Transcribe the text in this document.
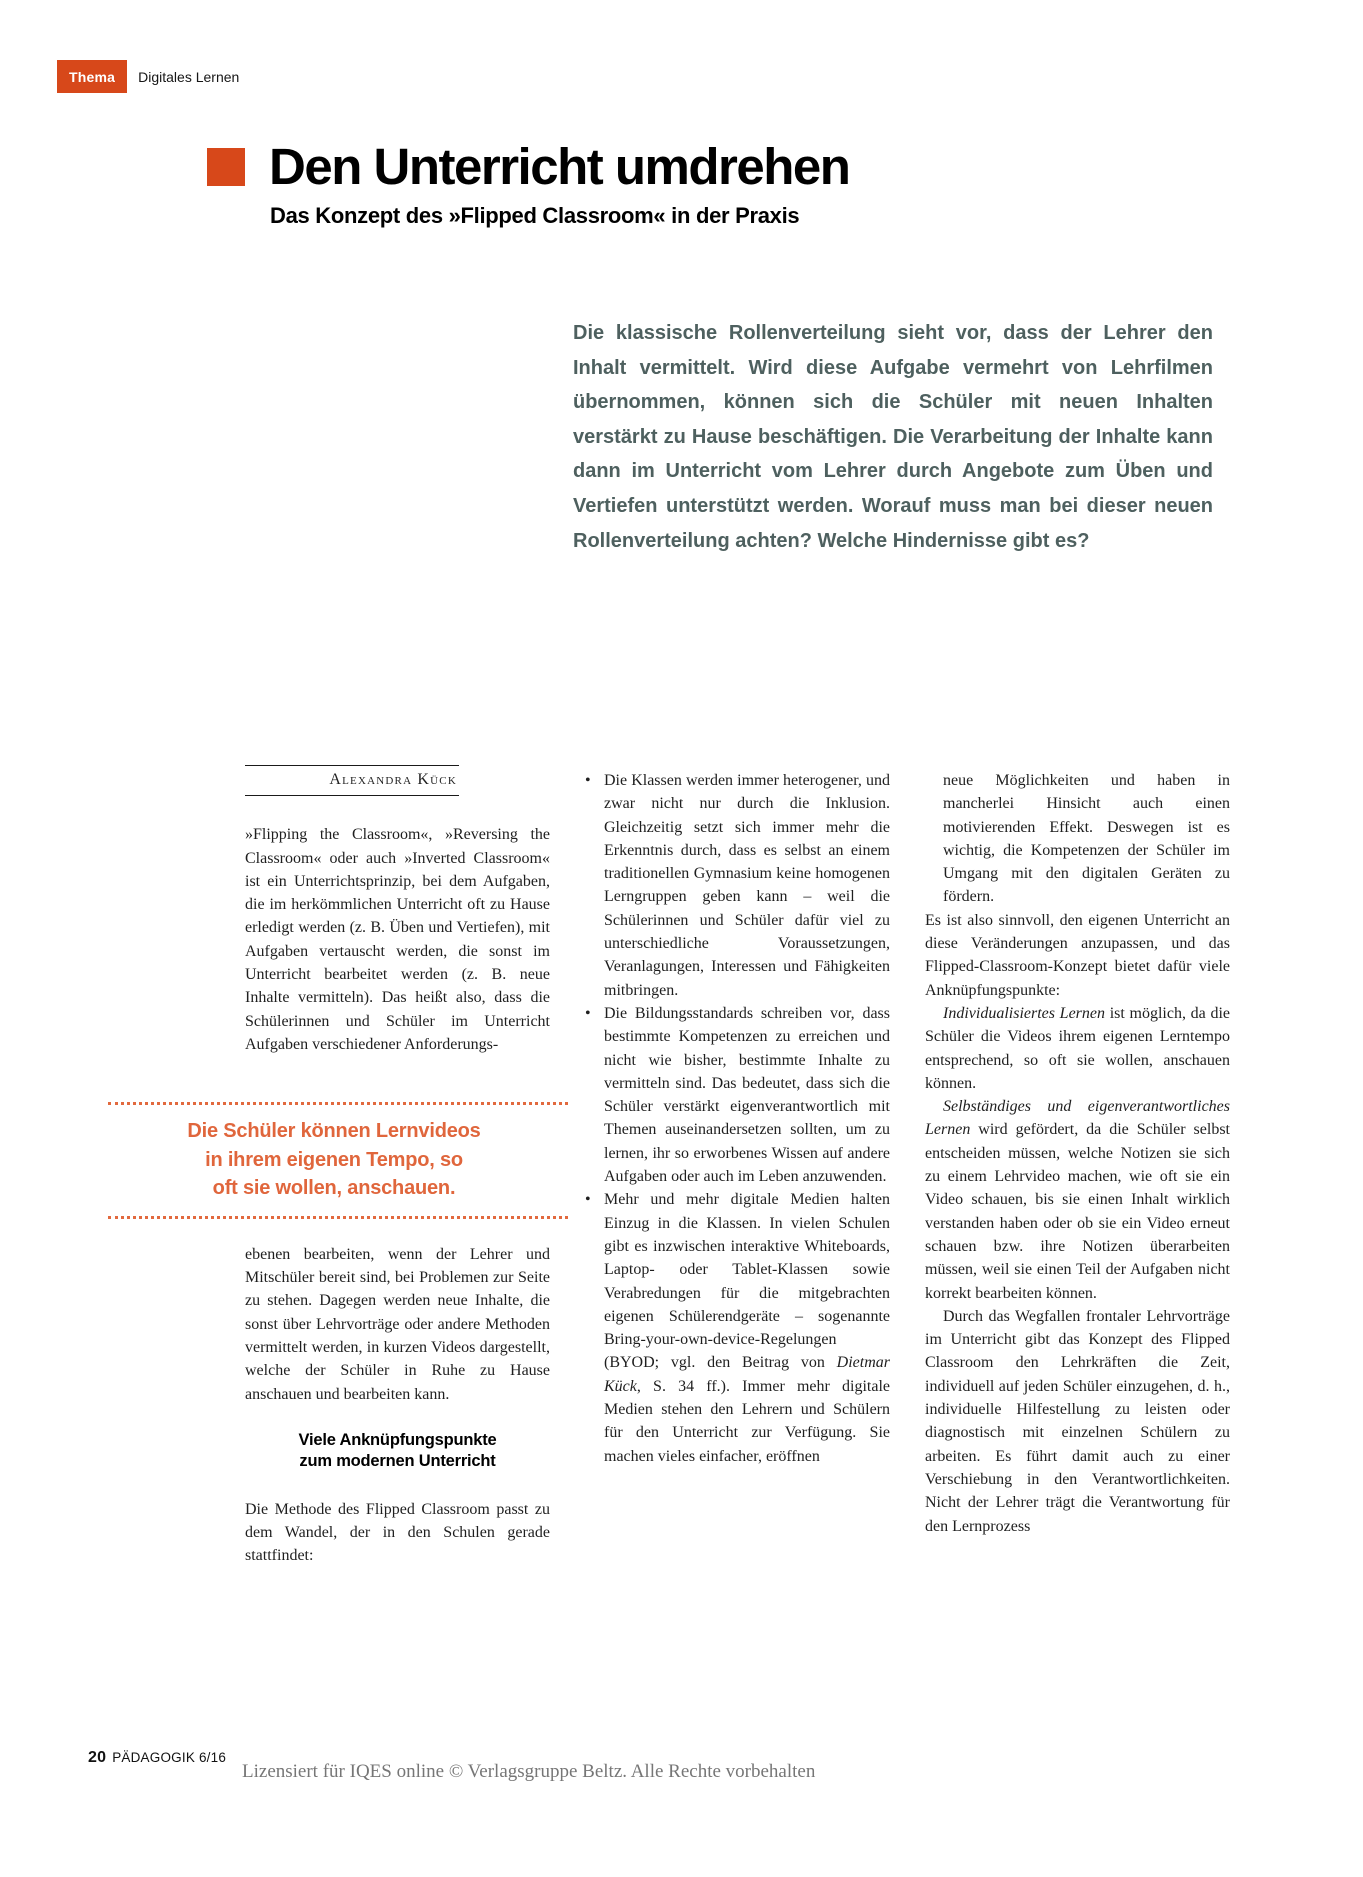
Thema	Digitales Lernen
Den Unterricht umdrehen
Das Konzept des »Flipped Classroom« in der Praxis

Die klassische Rollenverteilung sieht vor, dass der Lehrer den Inhalt vermittelt. Wird diese Aufgabe vermehrt von Lehrfilmen übernommen, können sich die Schüler mit neuen Inhalten verstärkt zu Hause beschäftigen. Die Verarbeitung der Inhalte kann dann im Unterricht vom Lehrer durch Angebote zum Üben und Vertiefen unterstützt werden. Worauf muss man bei dieser neuen Rollenverteilung achten? Welche Hindernisse gibt es?

Alexandra Kück

»Flipping the Classroom«, »Reversing the Classroom« oder auch »Inverted Classroom« ist ein Unterrichtsprinzip, bei dem Aufgaben, die im herkömmlichen Unterricht oft zu Hause erledigt werden (z. B. Üben und Vertiefen), mit Aufgaben vertauscht werden, die sonst im Unterricht bearbeitet werden (z. B. neue Inhalte vermitteln). Das heißt also, dass die Schülerinnen und Schüler im Unterricht Aufgaben verschiedener Anforderungs-

Die Schüler können Lernvideos
in ihrem eigenen Tempo, so
oft sie wollen, anschauen.

ebenen bearbeiten, wenn der Lehrer und Mitschüler bereit sind, bei Problemen zur Seite zu stehen. Dagegen werden neue Inhalte, die sonst über Lehrvorträge oder andere Methoden vermittelt werden, in kurzen Videos dargestellt, welche der Schüler in Ruhe zu Hause anschauen und bearbeiten kann.

Viele Anknüpfungspunkte
zum modernen Unterricht

Die Methode des Flipped Classroom passt zu dem Wandel, der in den Schulen gerade stattfindet:

• Die Klassen werden immer heterogener, und zwar nicht nur durch die Inklusion. Gleichzeitig setzt sich immer mehr die Erkenntnis durch, dass es selbst an einem traditionellen Gymnasium keine homogenen Lerngruppen geben kann – weil die Schülerinnen und Schüler dafür viel zu unterschiedliche Voraussetzungen, Veranlagungen, Interessen und Fähigkeiten mitbringen.

• Die Bildungsstandards schreiben vor, dass bestimmte Kompetenzen zu erreichen und nicht wie bisher, bestimmte Inhalte zu vermitteln sind. Das bedeutet, dass sich die Schüler verstärkt eigenverantwortlich mit Themen auseinandersetzen sollten, um zu lernen, ihr so erworbenes Wissen auf andere Aufgaben oder auch im Leben anzuwenden.

• Mehr und mehr digitale Medien halten Einzug in die Klassen. In vielen Schulen gibt es inzwischen interaktive Whiteboards, Laptop- oder Tablet-Klassen sowie Verabredungen für die mitgebrachten eigenen Schülerendgeräte – sogenannte Bring-your-own-device-Regelungen (BYOD; vgl. den Beitrag von Dietmar Kück, S. 34 ff.). Immer mehr digitale Medien stehen den Lehrern und Schülern für den Unterricht zur Verfügung. Sie machen vieles einfacher, eröffnen

neue Möglichkeiten und haben in mancherlei Hinsicht auch einen motivierenden Effekt. Deswegen ist es wichtig, die Kompetenzen der Schüler im Umgang mit den digitalen Geräten zu fördern.

Es ist also sinnvoll, den eigenen Unterricht an diese Veränderungen anzupassen, und das Flipped-Classroom-Konzept bietet dafür viele Anknüpfungspunkte:

Individualisiertes Lernen ist möglich, da die Schüler die Videos ihrem eigenen Lerntempo entsprechend, so oft sie wollen, anschauen können.

Selbständiges und eigenverantwortliches Lernen wird gefördert, da die Schüler selbst entscheiden müssen, welche Notizen sie sich zu einem Lehrvideo machen, wie oft sie ein Video schauen, bis sie einen Inhalt wirklich verstanden haben oder ob sie ein Video erneut schauen bzw. ihre Notizen überarbeiten müssen, weil sie einen Teil der Aufgaben nicht korrekt bearbeiten können.

Durch das Wegfallen frontaler Lehrvorträge im Unterricht gibt das Konzept des Flipped Classroom den Lehrkräften die Zeit, individuell auf jeden Schüler einzugehen, d. h., individuelle Hilfestellung zu leisten oder diagnostisch mit einzelnen Schülern zu arbeiten. Es führt damit auch zu einer Verschiebung in den Verantwortlichkeiten. Nicht der Lehrer trägt die Verantwortung für den Lernprozess

20 PÄDAGOGIK 6/16
Lizensiert für IQES online © Verlagsgruppe Beltz. Alle Rechte vorbehalten
